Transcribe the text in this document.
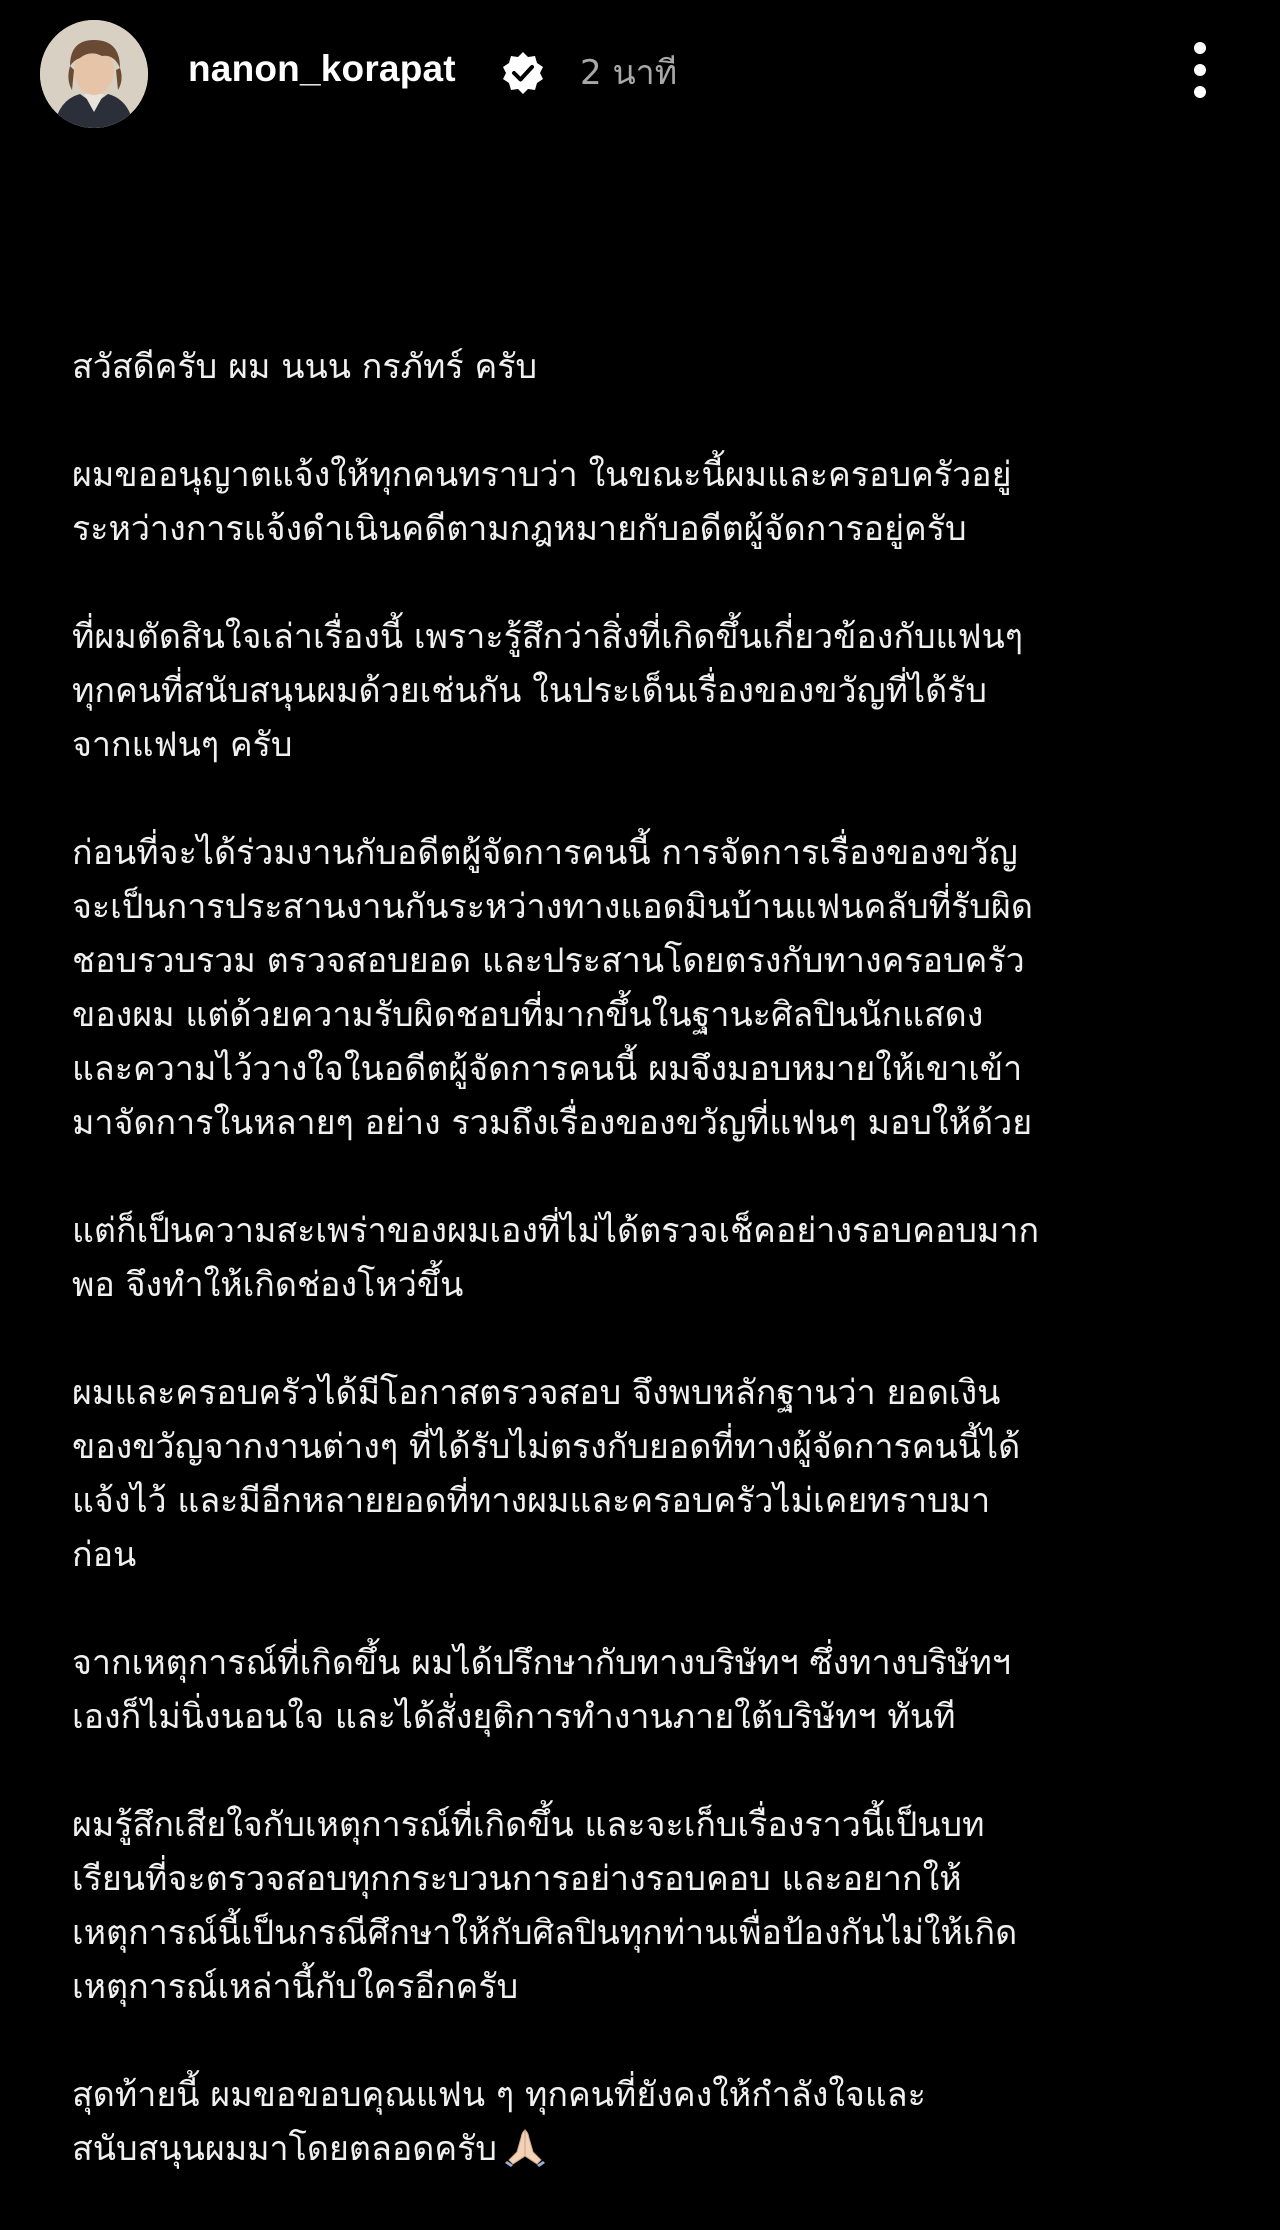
nanon_korapat	2 นาที
สวัสดีครับ ผม นนน กรภัทร์ ครับ
ผมขออนุญาตแจ้งให้ทุกคนทราบว่า ในขณะนี้ผมและครอบครัวอยู่
ระหว่างการแจ้งดำเนินคดีตามกฎหมายกับอดีตผู้จัดการอยู่ครับ
ที่ผมตัดสินใจเล่าเรื่องนี้ เพราะรู้สึกว่าสิ่งที่เกิดขึ้นเกี่ยวข้องกับแฟนๆ
ทุกคนที่สนับสนุนผมด้วยเช่นกัน ในประเด็นเรื่องของขวัญที่ได้รับ
จากแฟนๆ ครับ
ก่อนที่จะได้ร่วมงานกับอดีตผู้จัดการคนนี้ การจัดการเรื่องของขวัญ
จะเป็นการประสานงานกันระหว่างทางแอดมินบ้านแฟนคลับที่รับผิด
ชอบรวบรวม ตรวจสอบยอด และประสานโดยตรงกับทางครอบครัว
ของผม แต่ด้วยความรับผิดชอบที่มากขึ้นในฐานะศิลปินนักแสดง
และความไว้วางใจในอดีตผู้จัดการคนนี้ ผมจึงมอบหมายให้เขาเข้า
มาจัดการในหลายๆ อย่าง รวมถึงเรื่องของขวัญที่แฟนๆ มอบให้ด้วย
แต่ก็เป็นความสะเพร่าของผมเองที่ไม่ได้ตรวจเช็คอย่างรอบคอบมาก
พอ จึงทำให้เกิดช่องโหว่ขึ้น
ผมและครอบครัวได้มีโอกาสตรวจสอบ จึงพบหลักฐานว่า ยอดเงิน
ของขวัญจากงานต่างๆ ที่ได้รับไม่ตรงกับยอดที่ทางผู้จัดการคนนี้ได้
แจ้งไว้ และมีอีกหลายยอดที่ทางผมและครอบครัวไม่เคยทราบมา
ก่อน
จากเหตุการณ์ที่เกิดขึ้น ผมได้ปรึกษากับทางบริษัทฯ ซึ่งทางบริษัทฯ
เองก็ไม่นิ่งนอนใจ และได้สั่งยุติการทำงานภายใต้บริษัทฯ ทันที
ผมรู้สึกเสียใจกับเหตุการณ์ที่เกิดขึ้น และจะเก็บเรื่องราวนี้เป็นบท
เรียนที่จะตรวจสอบทุกกระบวนการอย่างรอบคอบ และอยากให้
เหตุการณ์นี้เป็นกรณีศึกษาให้กับศิลปินทุกท่านเพื่อป้องกันไม่ให้เกิด
เหตุการณ์เหล่านี้กับใครอีกครับ
สุดท้ายนี้ ผมขอขอบคุณแฟน ๆ ทุกคนที่ยังคงให้กำลังใจและ
สนับสนุนผมมาโดยตลอดครับ
